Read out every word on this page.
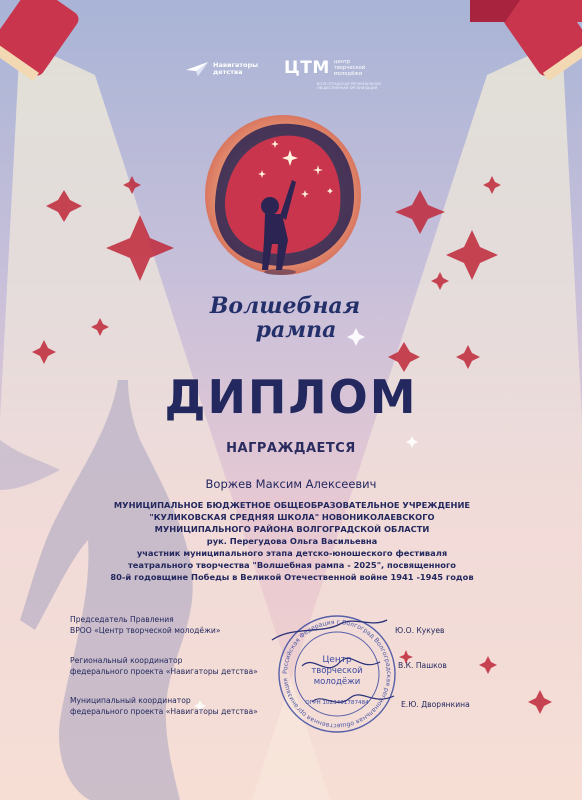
Навигаторы
детства	ЦТМ центр
творческой
молодёжи
ВОЛГОГРАДСКАЯ РЕГИОНАЛЬНАЯ
ОБЩЕСТВЕННАЯ ОРГАНИЗАЦИЯ
Волшебная
рампа
ДИПЛОМ
НАГРАЖДАЕТСЯ
Воржев Максим Алексеевич
МУНИЦИПАЛЬНОЕ БЮДЖЕТНОЕ ОБЩЕОБРАЗОВАТЕЛЬНОЕ УЧРЕЖДЕНИЕ
"КУЛИКОВСКАЯ СРЕДНЯЯ ШКОЛА" НОВОНИКОЛАЕВСКОГО
МУНИЦИПАЛЬНОГО РАЙОНА ВОЛГОГРАДСКОЙ ОБЛАСТИ
рук. Перегудова Ольга Васильевна
участник муниципального этапа детско-юношеского фестиваля
театрального творчества "Волшебная рампа - 2025", посвященного
80-й годовщине Победы в Великой Отечественной войне 1941 -1945 годов
Председатель Правления
ВРОО «Центр творческой молодёжи»	Ю.О. Кукуев
Региональный координатор
федерального проекта «Навигаторы детства»
В.К. Пашков
Муниципальный координатор
федерального проекта «Навигаторы детства»
Е.Ю. Дворянкина
Российская Федерация г.Волгоград Волгоградская региональная общественная организация
Центр
творческой
молодёжи
ОГРН 1023401787484
